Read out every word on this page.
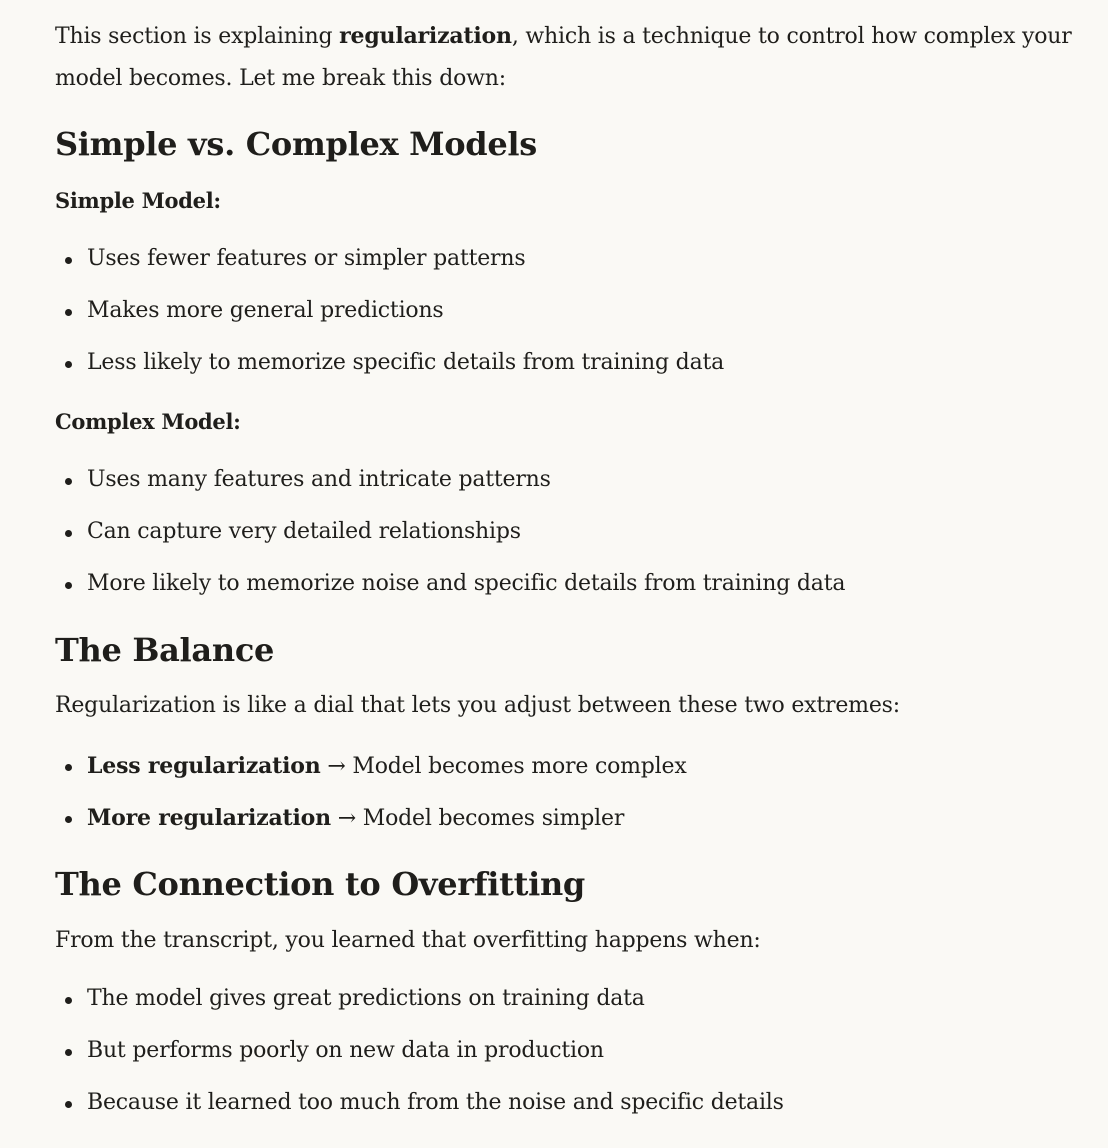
This section is explaining regularization, which is a technique to control how complex your model becomes. Let me break this down:

Simple vs. Complex Models
Simple Model:
Uses fewer features or simpler patterns
Makes more general predictions
Less likely to memorize specific details from training data
Complex Model:
Uses many features and intricate patterns
Can capture very detailed relationships
More likely to memorize noise and specific details from training data
The Balance

Regularization is like a dial that lets you adjust between these two extremes:

Less regularization → Model becomes more complex
More regularization → Model becomes simpler
The Connection to Overfitting

From the transcript, you learned that overfitting happens when:

The model gives great predictions on training data
But performs poorly on new data in production
Because it learned too much from the noise and specific details
